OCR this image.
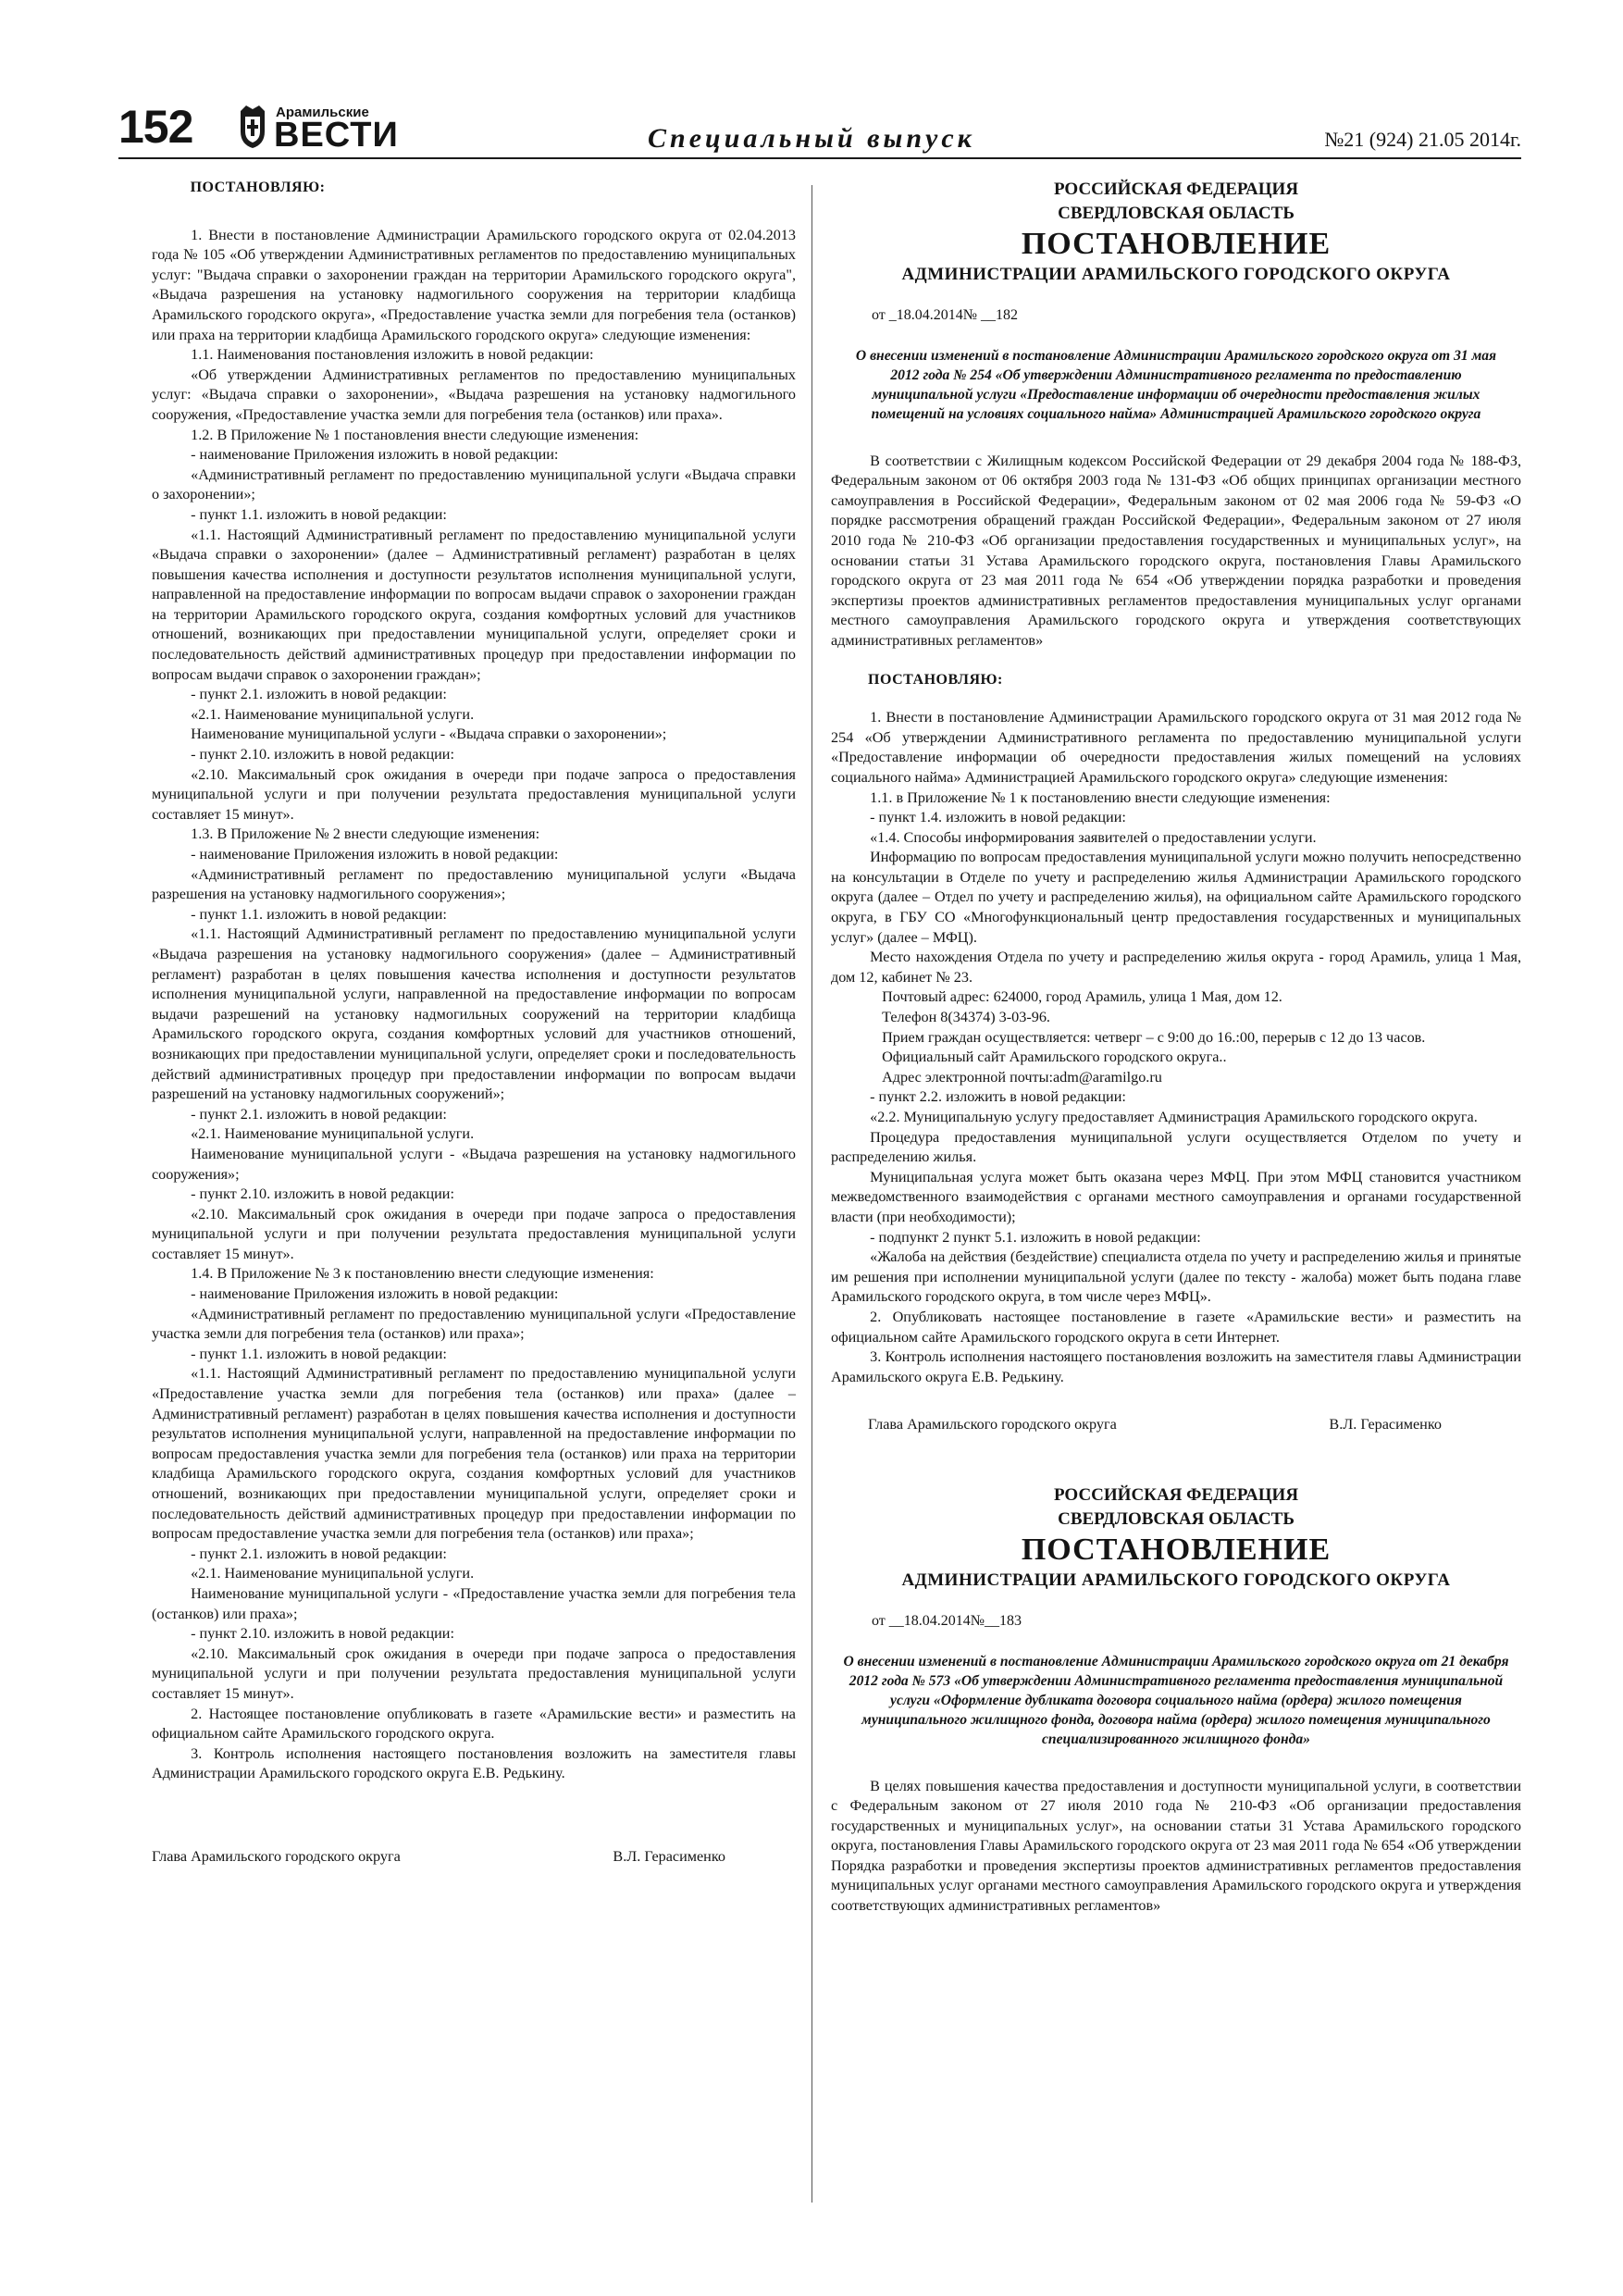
152	Арамильские
ВЕСТИ	Специальный выпуск	№21 (924) 21.05 2014г.

ПОСТАНОВЛЯЮ:

1. Внести в постановление Администрации Арамильского городского округа от 02.04.2013 года № 105 «Об утверждении Административных регламентов по предоставлению муниципальных услуг: "Выдача справки о захоронении граждан на территории Арамильского городского округа", «Выдача разрешения на установку надмогильного сооружения на территории кладбища Арамильского городского округа», «Предоставление участка земли для погребения тела (останков) или праха на территории кладбища Арамильского городского округа» следующие изменения:

1.1. Наименования постановления изложить в новой редакции:

«Об утверждении Административных регламентов по предоставлению муниципальных услуг: «Выдача справки о захоронении», «Выдача разрешения на установку надмогильного сооружения, «Предоставление участка земли для погребения тела (останков) или праха».

1.2. В Приложение № 1 постановления внести следующие изменения:

- наименование Приложения изложить в новой редакции:

«Административный регламент по предоставлению муниципальной услуги «Выдача справки о захоронении»;

- пункт 1.1. изложить в новой редакции:

«1.1. Настоящий Административный регламент по предоставлению муниципальной услуги «Выдача справки о захоронении» (далее – Административный регламент) разработан в целях повышения качества исполнения и доступности результатов исполнения муниципальной услуги, направленной на предоставление информации по вопросам выдачи справок о захоронении граждан на территории Арамильского городского округа, создания комфортных условий для участников отношений, возникающих при предоставлении муниципальной услуги, определяет сроки и последовательность действий административных процедур при предоставлении информации по вопросам выдачи справок о захоронении граждан»;

- пункт 2.1. изложить в новой редакции:

«2.1. Наименование муниципальной услуги.

Наименование муниципальной услуги - «Выдача справки о захоронении»;

- пункт 2.10. изложить в новой редакции:

«2.10. Максимальный срок ожидания в очереди при подаче запроса о предоставления муниципальной услуги и при получении результата предоставления муниципальной услуги составляет 15 минут».

1.3. В Приложение № 2 внести следующие изменения:

- наименование Приложения изложить в новой редакции:

«Административный регламент по предоставлению муниципальной услуги «Выдача разрешения на установку надмогильного сооружения»;

- пункт 1.1. изложить в новой редакции:

«1.1. Настоящий Административный регламент по предоставлению муниципальной услуги «Выдача разрешения на установку надмогильного сооружения» (далее – Административный регламент) разработан в целях повышения качества исполнения и доступности результатов исполнения муниципальной услуги, направленной на предоставление информации по вопросам выдачи разрешений на установку надмогильных сооружений на территории кладбища Арамильского городского округа, создания комфортных условий для участников отношений, возникающих при предоставлении муниципальной услуги, определяет сроки и последовательность действий административных процедур при предоставлении информации по вопросам выдачи разрешений на установку надмогильных сооружений»;

- пункт 2.1. изложить в новой редакции:

«2.1. Наименование муниципальной услуги.

Наименование муниципальной услуги - «Выдача разрешения на установку надмогильного сооружения»;

- пункт 2.10. изложить в новой редакции:

«2.10. Максимальный срок ожидания в очереди при подаче запроса о предоставления муниципальной услуги и при получении результата предоставления муниципальной услуги составляет 15 минут».

1.4. В Приложение № 3 к постановлению внести следующие изменения:

- наименование Приложения изложить в новой редакции:

«Административный регламент по предоставлению муниципальной услуги «Предоставление участка земли для погребения тела (останков) или праха»;

- пункт 1.1. изложить в новой редакции:

«1.1. Настоящий Административный регламент по предоставлению муниципальной услуги «Предоставление участка земли для погребения тела (останков) или праха» (далее – Административный регламент) разработан в целях повышения качества исполнения и доступности результатов исполнения муниципальной услуги, направленной на предоставление информации по вопросам предоставления участка земли для погребения тела (останков) или праха на территории кладбища Арамильского городского округа, создания комфортных условий для участников отношений, возникающих при предоставлении муниципальной услуги, определяет сроки и последовательность действий административных процедур при предоставлении информации по вопросам предоставление участка земли для погребения тела (останков) или праха»;

- пункт 2.1. изложить в новой редакции:

«2.1. Наименование муниципальной услуги.

Наименование муниципальной услуги - «Предоставление участка земли для погребения тела (останков) или праха»;

- пункт 2.10. изложить в новой редакции:

«2.10. Максимальный срок ожидания в очереди при подаче запроса о предоставления муниципальной услуги и при получении результата предоставления муниципальной услуги составляет 15 минут».

2. Настоящее постановление опубликовать в газете «Арамильские вести» и разместить на официальном сайте Арамильского городского округа.

3. Контроль исполнения настоящего постановления возложить на заместителя главы Администрации Арамильского городского округа Е.В. Редькину.

Глава Арамильского городского округа	В.Л. Герасименко

РОССИЙСКАЯ ФЕДЕРАЦИЯ

СВЕРДЛОВСКАЯ ОБЛАСТЬ

ПОСТАНОВЛЕНИЕ

АДМИНИСТРАЦИИ АРАМИЛЬСКОГО ГОРОДСКОГО ОКРУГА

от _18.04.2014№ __182

О внесении изменений в постановление Администрации Арамильского городского округа от 31 мая 2012 года № 254 «Об утверждении Административного регламента по предоставлению муниципальной услуги «Предоставление информации об очередности предоставления жилых помещений на условиях социального найма» Администрацией Арамильского городского округа

В соответствии с Жилищным кодексом Российской Федерации от 29 декабря 2004 года № 188-ФЗ, Федеральным законом от 06 октября 2003 года № 131-ФЗ «Об общих принципах организации местного самоуправления в Российской Федерации», Федеральным законом от 02 мая 2006 года № 59-ФЗ «О порядке рассмотрения обращений граждан Российской Федерации», Федеральным законом от 27 июля 2010 года № 210-ФЗ «Об организации предоставления государственных и муниципальных услуг», на основании статьи 31 Устава Арамильского городского округа, постановления Главы Арамильского городского округа от 23 мая 2011 года № 654 «Об утверждении порядка разработки и проведения экспертизы проектов административных регламентов предоставления муниципальных услуг органами местного самоуправления Арамильского городского округа и утверждения соответствующих административных регламентов»

ПОСТАНОВЛЯЮ:

1. Внести в постановление Администрации Арамильского городского округа от 31 мая 2012 года № 254 «Об утверждении Административного регламента по предоставлению муниципальной услуги «Предоставление информации об очередности предоставления жилых помещений на условиях социального найма» Администрацией Арамильского городского округа» следующие изменения:

1.1. в Приложение № 1 к постановлению внести следующие изменения:

- пункт 1.4. изложить в новой редакции:

«1.4. Способы информирования заявителей о предоставлении услуги.

Информацию по вопросам предоставления муниципальной услуги можно получить непосредственно на консультации в Отделе по учету и распределению жилья Администрации Арамильского городского округа (далее – Отдел по учету и распределению жилья), на официальном сайте Арамильского городского округа, в ГБУ СО «Многофункциональный центр предоставления государственных и муниципальных услуг» (далее – МФЦ).

Место нахождения Отдела по учету и распределению жилья округа - город Арамиль, улица 1 Мая, дом 12, кабинет № 23.

Почтовый адрес: 624000, город Арамиль, улица 1 Мая, дом 12.

Телефон 8(34374) 3-03-96.

Прием граждан осуществляется: четверг – с 9:00 до 16.:00, перерыв с 12 до 13 часов.

Официальный сайт Арамильского городского округа..

Адрес электронной почты:adm@aramilgo.ru

- пункт 2.2. изложить в новой редакции:

«2.2. Муниципальную услугу предоставляет Администрация Арамильского городского округа.

Процедура предоставления муниципальной услуги осуществляется Отделом по учету и распределению жилья.

Муниципальная услуга может быть оказана через МФЦ. При этом МФЦ становится участником межведомственного взаимодействия с органами местного самоуправления и органами государственной власти (при необходимости);

- подпункт 2 пункт 5.1. изложить в новой редакции:

«Жалоба на действия (бездействие) специалиста отдела по учету и распределению жилья и принятые им решения при исполнении муниципальной услуги (далее по тексту - жалоба) может быть подана главе Арамильского городского округа, в том числе через МФЦ».

2. Опубликовать настоящее постановление в газете «Арамильские вести» и разместить на официальном сайте Арамильского городского округа в сети Интернет.

3. Контроль исполнения настоящего постановления возложить на заместителя главы Администрации Арамильского округа Е.В. Редькину.

Глава Арамильского городского округа	В.Л. Герасименко

РОССИЙСКАЯ ФЕДЕРАЦИЯ

СВЕРДЛОВСКАЯ ОБЛАСТЬ

ПОСТАНОВЛЕНИЕ

АДМИНИСТРАЦИИ АРАМИЛЬСКОГО ГОРОДСКОГО ОКРУГА

от __18.04.2014№__183

О внесении изменений в постановление Администрации Арамильского городского округа от 21 декабря 2012 года № 573 «Об утверждении Административного регламента предоставления муниципальной услуги «Оформление дубликата договора социального найма (ордера) жилого помещения муниципального жилищного фонда, договора найма (ордера) жилого помещения муниципального специализированного жилищного фонда»

В целях повышения качества предоставления и доступности муниципальной услуги, в соответствии с Федеральным законом от 27 июля 2010 года № 210-ФЗ «Об организации предоставления государственных и муниципальных услуг», на основании статьи 31 Устава Арамильского городского округа, постановления Главы Арамильского городского округа от 23 мая 2011 года № 654 «Об утверждении Порядка разработки и проведения экспертизы проектов административных регламентов предоставления муниципальных услуг органами местного самоуправления Арамильского городского округа и утверждения соответствующих административных регламентов»
